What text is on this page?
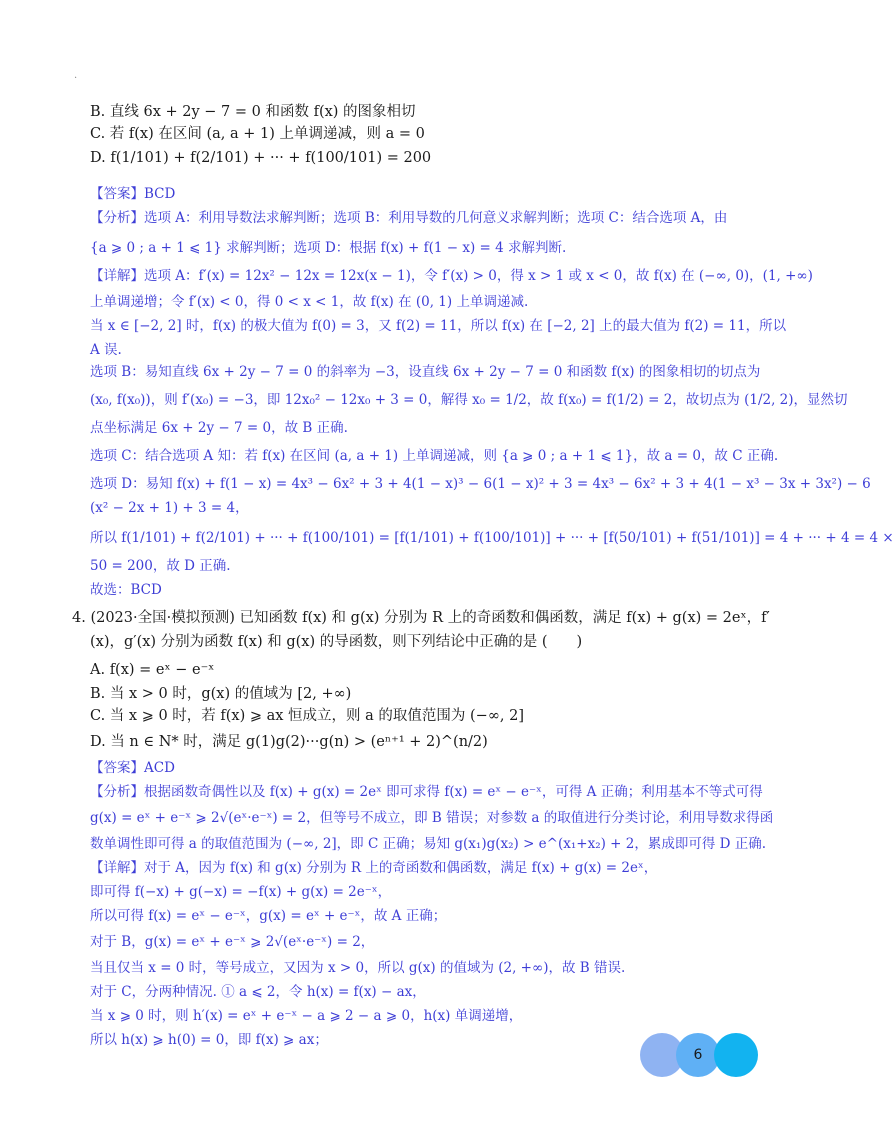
.
B. 直线 6x + 2y − 7 = 0 和函数 f(x) 的图象相切
C. 若 f(x) 在区间 (a, a + 1) 上单调递减，则 a = 0
D. f(1/101) + f(2/101) + ··· + f(100/101) = 200
【答案】BCD
【分析】选项 A：利用导数法求解判断；选项 B：利用导数的几何意义求解判断；选项 C：结合选项 A，由
{a ⩾ 0 ; a + 1 ⩽ 1} 求解判断；选项 D：根据 f(x) + f(1 − x) = 4 求解判断.
【详解】选项 A：f′(x) = 12x² − 12x = 12x(x − 1)，令 f′(x) > 0，得 x > 1 或 x < 0，故 f(x) 在 (−∞, 0)，(1, +∞)
上单调递增；令 f′(x) < 0，得 0 < x < 1，故 f(x) 在 (0, 1) 上单调递减.
当 x ∈ [−2, 2] 时，f(x) 的极大值为 f(0) = 3，又 f(2) = 11，所以 f(x) 在 [−2, 2] 上的最大值为 f(2) = 11，所以
A 误.
选项 B：易知直线 6x + 2y − 7 = 0 的斜率为 −3，设直线 6x + 2y − 7 = 0 和函数 f(x) 的图象相切的切点为
(x₀, f(x₀))，则 f′(x₀) = −3，即 12x₀² − 12x₀ + 3 = 0，解得 x₀ = 1/2，故 f(x₀) = f(1/2) = 2，故切点为 (1/2, 2)，显然切
点坐标满足 6x + 2y − 7 = 0，故 B 正确.
选项 C：结合选项 A 知：若 f(x) 在区间 (a, a + 1) 上单调递减，则 {a ⩾ 0 ; a + 1 ⩽ 1}，故 a = 0，故 C 正确.
选项 D：易知 f(x) + f(1 − x) = 4x³ − 6x² + 3 + 4(1 − x)³ − 6(1 − x)² + 3 = 4x³ − 6x² + 3 + 4(1 − x³ − 3x + 3x²) − 6
(x² − 2x + 1) + 3 = 4，
所以 f(1/101) + f(2/101) + ··· + f(100/101) = [f(1/101) + f(100/101)] + ··· + [f(50/101) + f(51/101)] = 4 + ··· + 4 = 4 ×
50 = 200，故 D 正确.
故选：BCD
4. (2023·全国·模拟预测) 已知函数 f(x) 和 g(x) 分别为 R 上的奇函数和偶函数，满足 f(x) + g(x) = 2eˣ，f′
(x)，g′(x) 分别为函数 f(x) 和 g(x) 的导函数，则下列结论中正确的是 (　　)
A. f(x) = eˣ − e⁻ˣ
B. 当 x > 0 时，g(x) 的值域为 [2, +∞)
C. 当 x ⩾ 0 时，若 f(x) ⩾ ax 恒成立，则 a 的取值范围为 (−∞, 2]
D. 当 n ∈ N* 时，满足 g(1)g(2)···g(n) > (eⁿ⁺¹ + 2)^(n/2)
【答案】ACD
【分析】根据函数奇偶性以及 f(x) + g(x) = 2eˣ 即可求得 f(x) = eˣ − e⁻ˣ，可得 A 正确；利用基本不等式可得
g(x) = eˣ + e⁻ˣ ⩾ 2√(eˣ·e⁻ˣ) = 2，但等号不成立，即 B 错误；对参数 a 的取值进行分类讨论，利用导数求得函
数单调性即可得 a 的取值范围为 (−∞, 2]，即 C 正确；易知 g(x₁)g(x₂) > e^(x₁+x₂) + 2，累成即可得 D 正确.
【详解】对于 A，因为 f(x) 和 g(x) 分别为 R 上的奇函数和偶函数，满足 f(x) + g(x) = 2eˣ，
即可得 f(−x) + g(−x) = −f(x) + g(x) = 2e⁻ˣ，
所以可得 f(x) = eˣ − e⁻ˣ，g(x) = eˣ + e⁻ˣ，故 A 正确；
对于 B，g(x) = eˣ + e⁻ˣ ⩾ 2√(eˣ·e⁻ˣ) = 2，
当且仅当 x = 0 时，等号成立，又因为 x > 0，所以 g(x) 的值域为 (2, +∞)，故 B 错误.
对于 C，分两种情况. ① a ⩽ 2，令 h(x) = f(x) − ax，
当 x ⩾ 0 时，则 h′(x) = eˣ + e⁻ˣ − a ⩾ 2 − a ⩾ 0，h(x) 单调递增，
所以 h(x) ⩾ h(0) = 0，即 f(x) ⩾ ax；
6
